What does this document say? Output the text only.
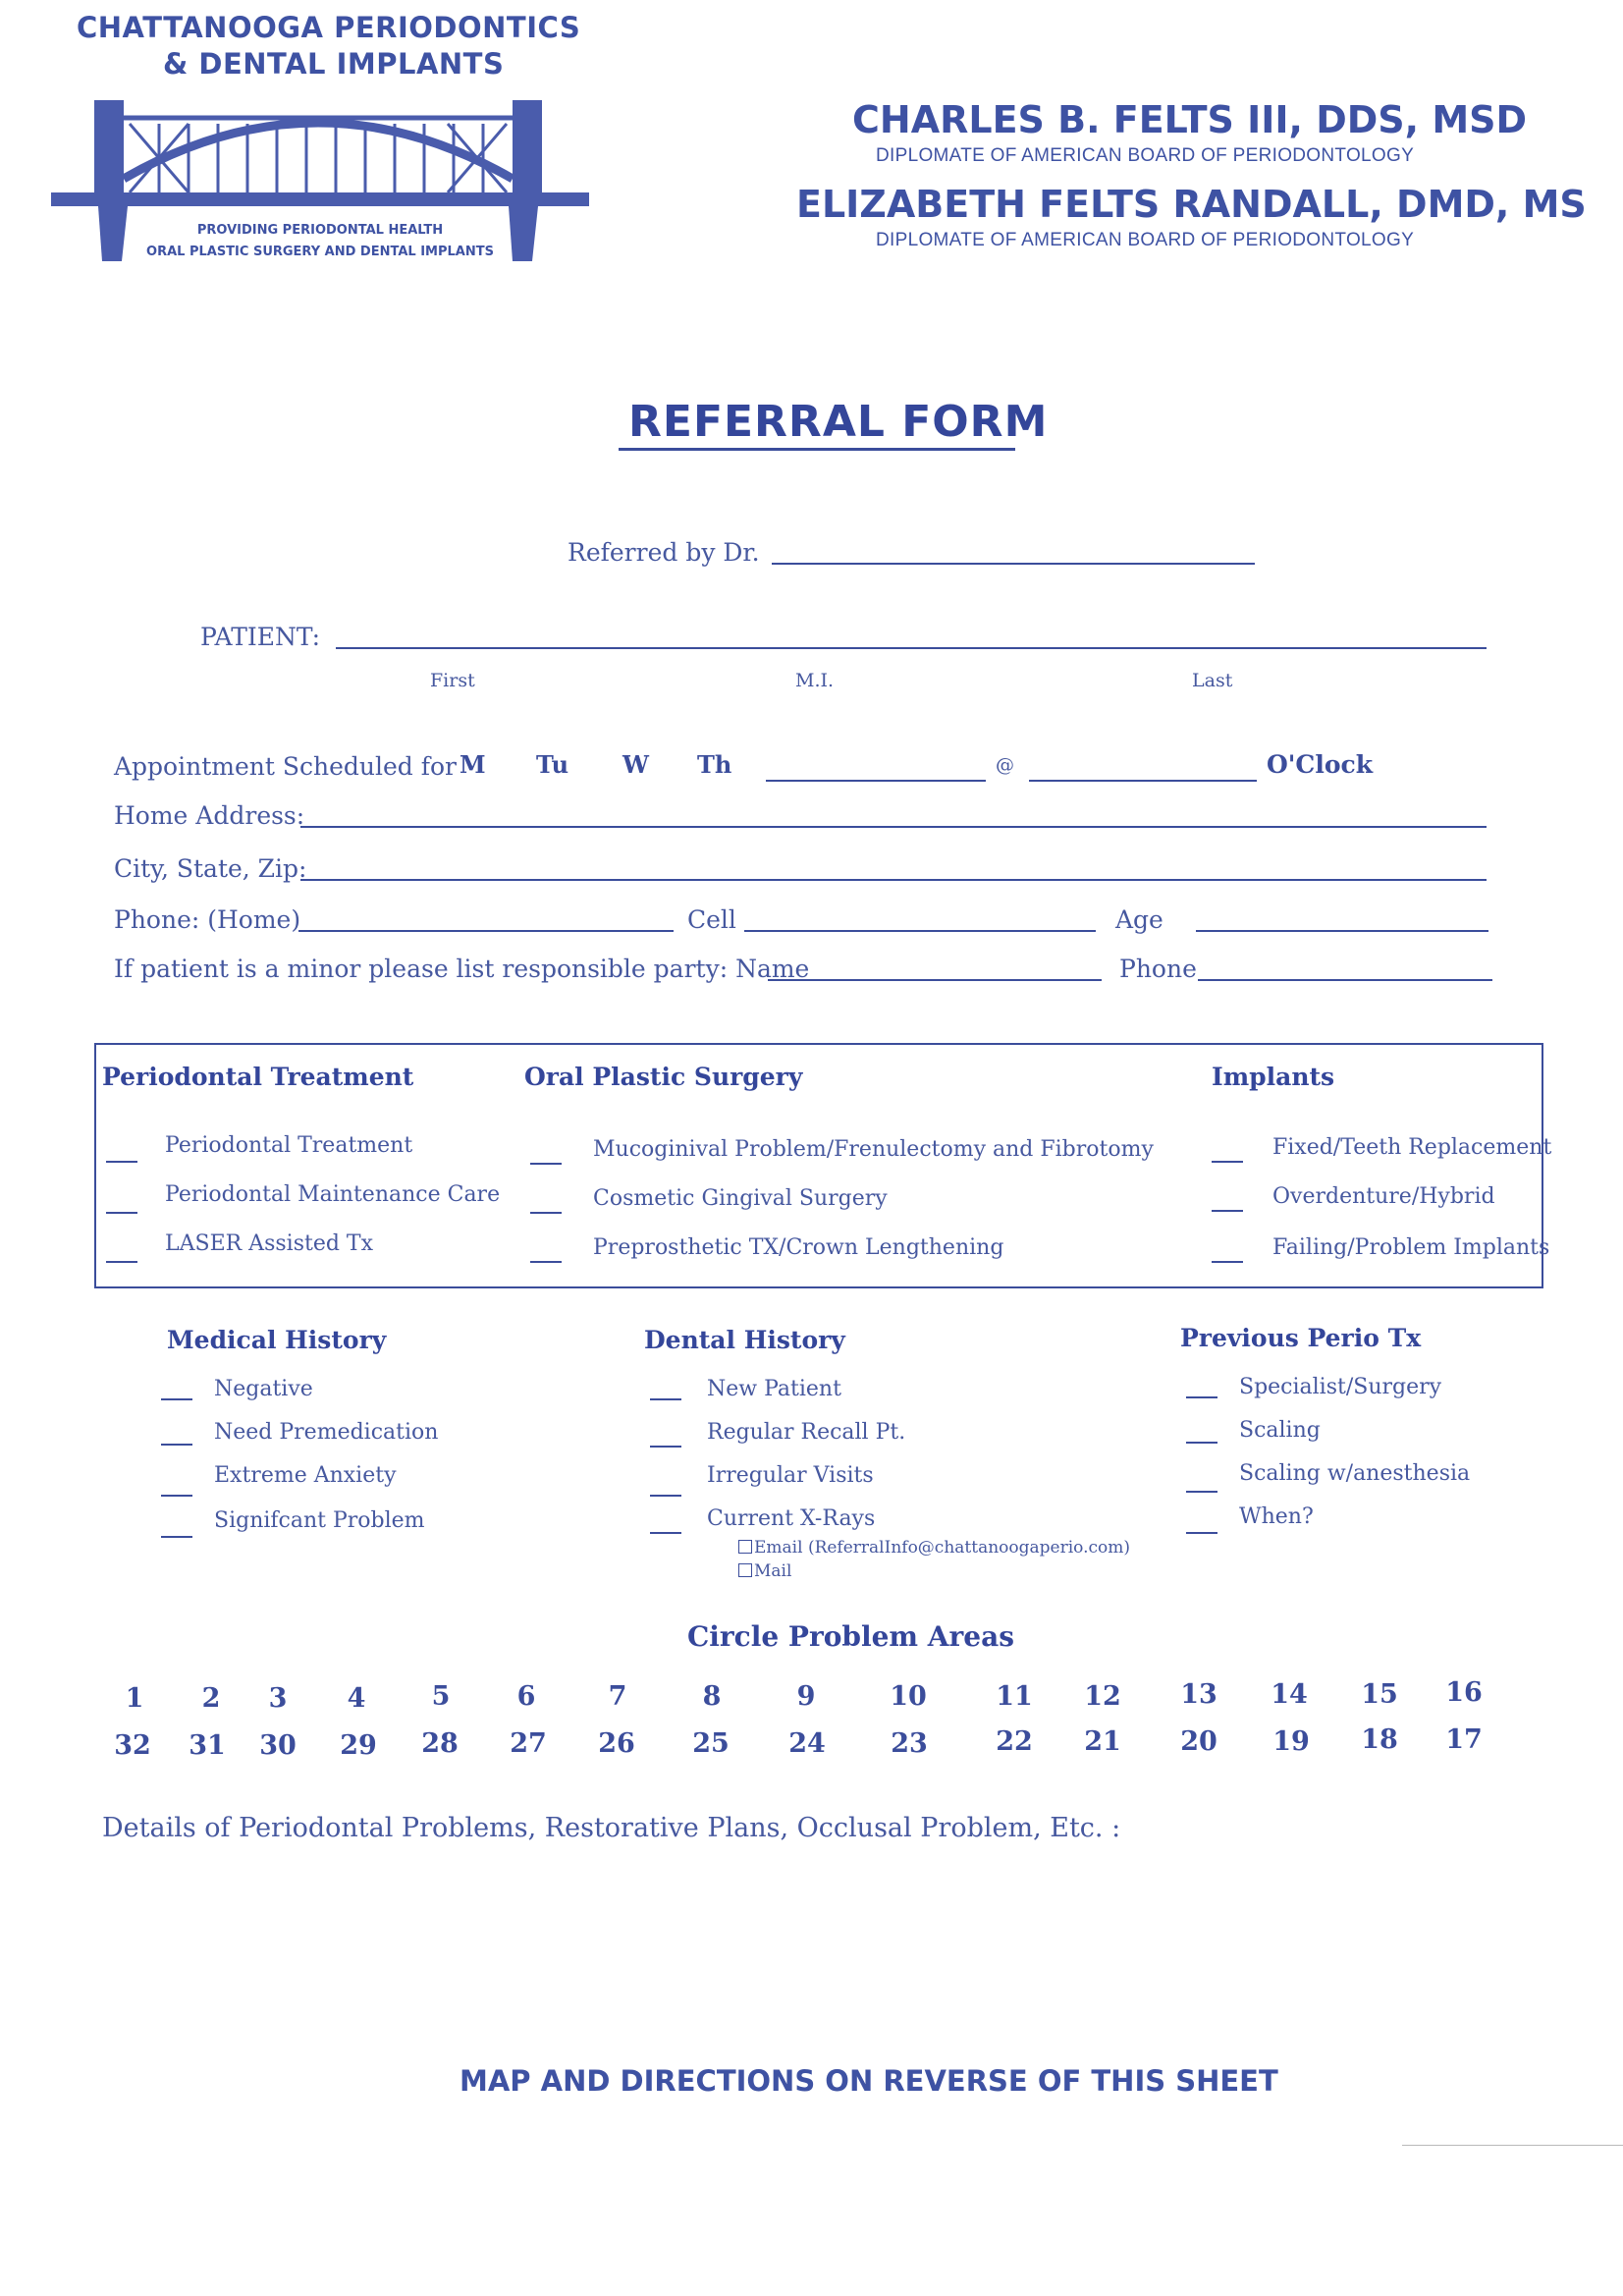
CHATTANOOGA PERIODONTICS
& DENTAL IMPLANTS
PROVIDING PERIODONTAL HEALTH
ORAL PLASTIC SURGERY AND DENTAL IMPLANTS
CHARLES B. FELTS III, DDS, MSD
DIPLOMATE OF AMERICAN BOARD OF PERIODONTOLOGY
ELIZABETH FELTS RANDALL, DMD, MS
DIPLOMATE OF AMERICAN BOARD OF PERIODONTOLOGY
REFERRAL FORM
Referred by Dr.
PATIENT:
First	M.I.	Last
Appointment Scheduled for M Tu W Th	@	O'Clock
Home Address:
City, State, Zip:
Phone: (Home)	Cell	Age
If patient is a minor please list responsible party: Name	Phone
Periodontal Treatment
Periodontal Treatment
Periodontal Maintenance Care
LASER Assisted Tx
Oral Plastic Surgery
Mucoginival Problem/Frenulectomy and Fibrotomy
Cosmetic Gingival Surgery
Preprosthetic TX/Crown Lengthening
Implants
Fixed/Teeth Replacement
Overdenture/Hybrid
Failing/Problem Implants
Medical History
Negative
Need Premedication
Extreme Anxiety
Signifcant Problem
Dental History
New Patient
Regular Recall Pt.
Irregular Visits
Current X-Rays
Email (ReferralInfo@chattanoogaperio.com)
Mail
Previous Perio Tx
Specialist/Surgery
Scaling
Scaling w/anesthesia
When?
Circle Problem Areas
1	2	3	4	5	6	7	8	9	10	11 12 13 14 15 16
32 31 30 29 28 27 26 25 24 23	22 21 20 19 18 17
Details of Periodontal Problems, Restorative Plans, Occlusal Problem, Etc. :
MAP AND DIRECTIONS ON REVERSE OF THIS SHEET
